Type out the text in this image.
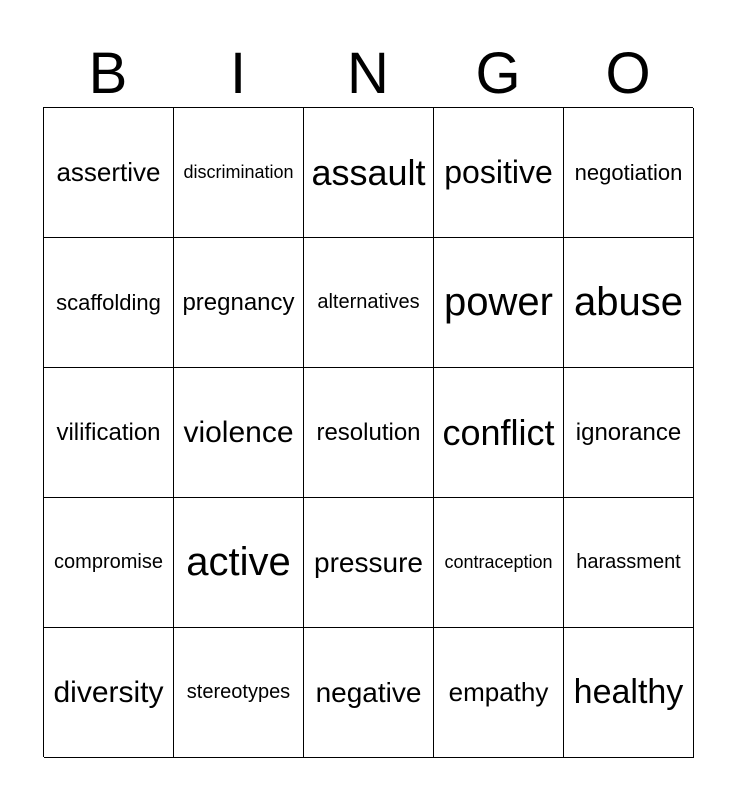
B	I	N	G	O
assertive	discrimination assault positive negotiation
scaffolding pregnancy	alternatives power abuse
vilification violence resolution conflict ignorance
compromise active pressure	contraception	harassment
diversity	stereotypes negative	empathy healthy
